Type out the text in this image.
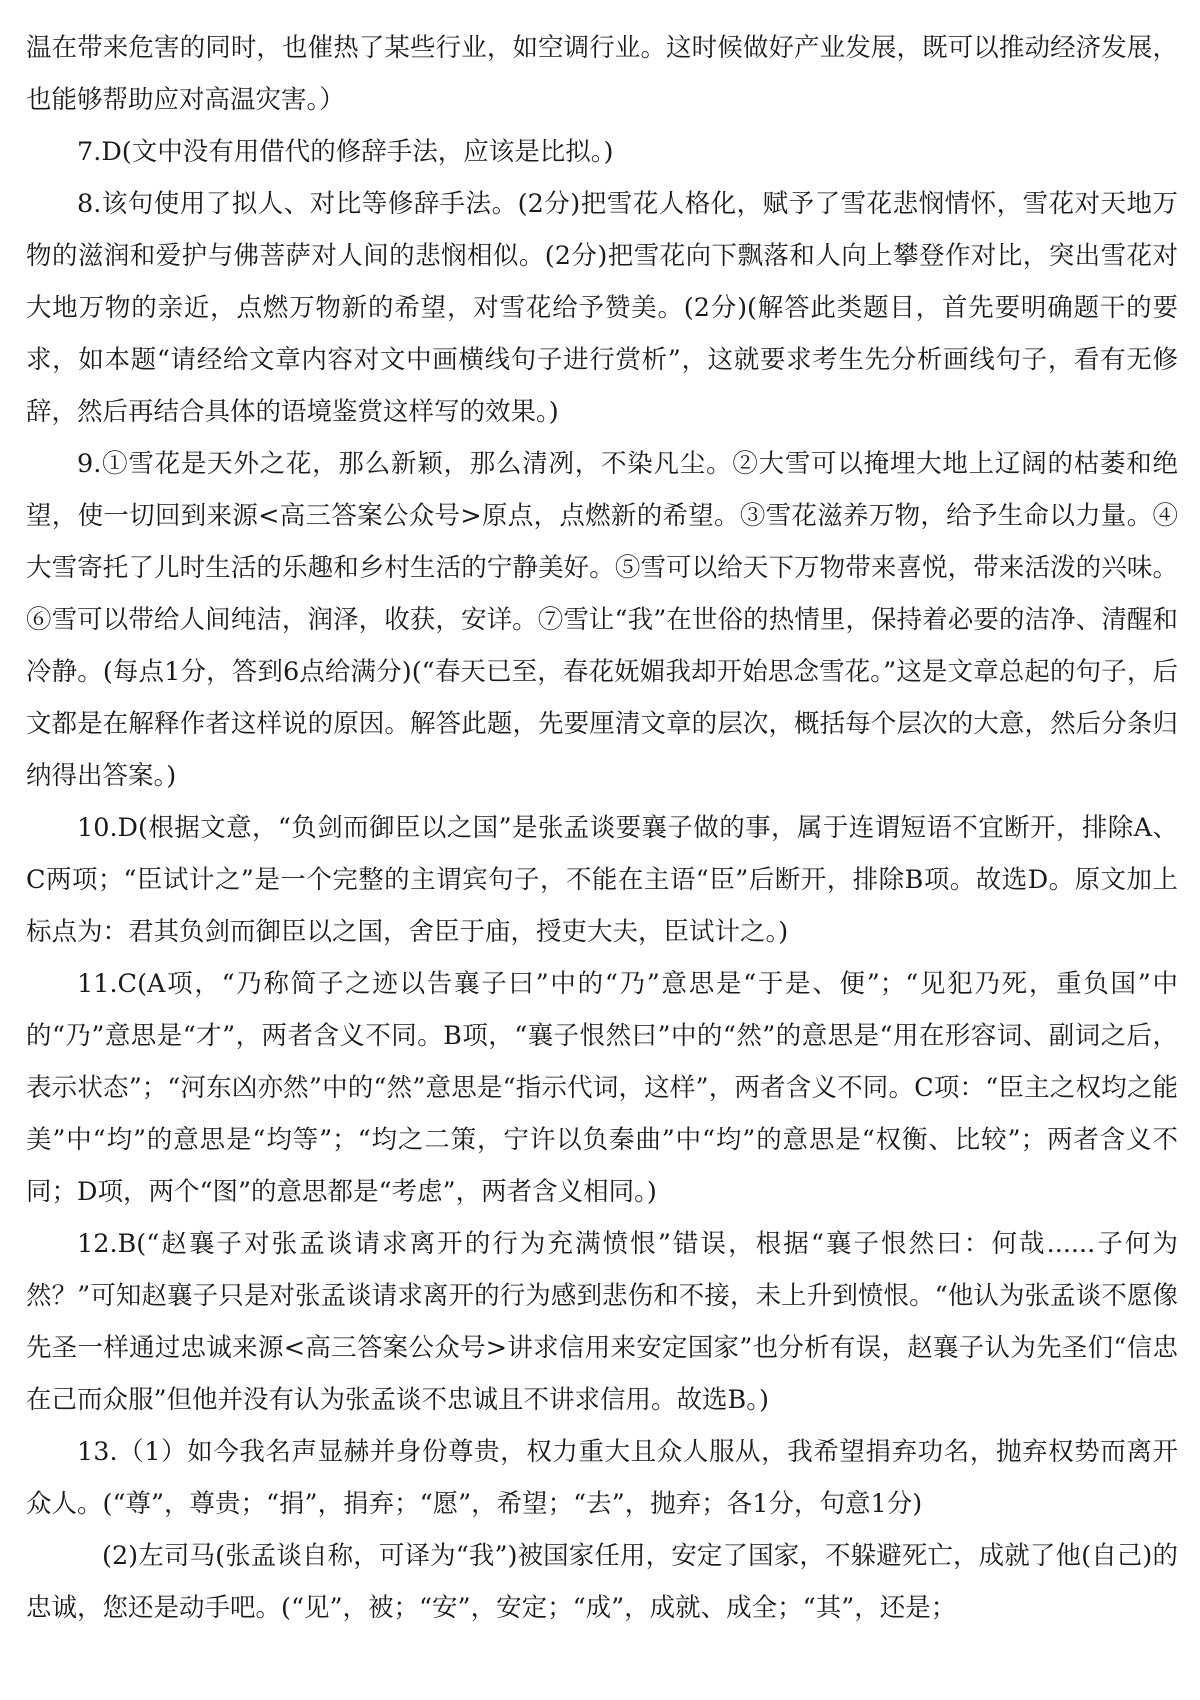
温在带来危害的同时，也催热了某些行业，如空调行业。这时候做好产业发展，既可以推动经济发展，也能够帮助应对高温灾害。）

7.D(文中没有用借代的修辞手法，应该是比拟。)

8.该句使用了拟人、对比等修辞手法。(2分)把雪花人格化，赋予了雪花悲悯情怀，雪花对天地万物的滋润和爱护与佛菩萨对人间的悲悯相似。(2分)把雪花向下飘落和人向上攀登作对比，突出雪花对大地万物的亲近，点燃万物新的希望，对雪花给予赞美。(2分)(解答此类题目，首先要明确题干的要求，如本题“请经给文章内容对文中画横线句子进行赏析”，这就要求考生先分析画线句子，看有无修辞，然后再结合具体的语境鉴赏这样写的效果。)

9.①雪花是天外之花，那么新颖，那么清冽，不染凡尘。②大雪可以掩埋大地上辽阔的枯萎和绝望，使一切回到来源<高三答案公众号>原点，点燃新的希望。③雪花滋养万物，给予生命以力量。④大雪寄托了儿时生活的乐趣和乡村生活的宁静美好。⑤雪可以给天下万物带来喜悦，带来活泼的兴味。⑥雪可以带给人间纯洁，润泽，收获，安详。⑦雪让“我”在世俗的热情里，保持着必要的洁净、清醒和冷静。(每点1分，答到6点给满分)(“春天已至，春花妩媚我却开始思念雪花。”这是文章总起的句子，后文都是在解释作者这样说的原因。解答此题，先要厘清文章的层次，概括每个层次的大意，然后分条归纳得出答案。)

10.D(根据文意，“负剑而御臣以之国”是张孟谈要襄子做的事，属于连谓短语不宜断开，排除A、C两项；“臣试计之”是一个完整的主谓宾句子，不能在主语“臣”后断开，排除B项。故选D。原文加上标点为：君其负剑而御臣以之国，舍臣于庙，授吏大夫，臣试计之。)

11.C(A项，“乃称简子之迹以告襄子曰”中的“乃”意思是“于是、便”；“见犯乃死，重负国”中的“乃”意思是“才”，两者含义不同。B项，“襄子恨然曰”中的“然”的意思是“用在形容词、副词之后，表示状态”；“河东凶亦然”中的“然”意思是“指示代词，这样”，两者含义不同。C项：“臣主之权均之能美”中“均”的意思是“均等”；“均之二策，宁许以负秦曲”中“均”的意思是“权衡、比较”；两者含义不同；D项，两个“图”的意思都是“考虑”，两者含义相同。)

12.B(“赵襄子对张孟谈请求离开的行为充满愤恨”错误，根据“襄子恨然曰：何哉......子何为然？”可知赵襄子只是对张孟谈请求离开的行为感到悲伤和不接，未上升到愤恨。“他认为张孟谈不愿像先圣一样通过忠诚来源<高三答案公众号>讲求信用来安定国家”也分析有误，赵襄子认为先圣们“信忠在己而众服”但他并没有认为张孟谈不忠诚且不讲求信用。故选B。)

13.（1）如今我名声显赫并身份尊贵，权力重大且众人服从，我希望捐弃功名，抛弃权势而离开众人。(“尊”，尊贵；“捐”，捐弃；“愿”，希望；“去”，抛弃；各1分，句意1分)

(2)左司马(张孟谈自称，可译为“我”)被国家任用，安定了国家，不躲避死亡，成就了他(自己)的忠诚，您还是动手吧。(“见”，被；“安”，安定；“成”，成就、成全；“其”，还是；
